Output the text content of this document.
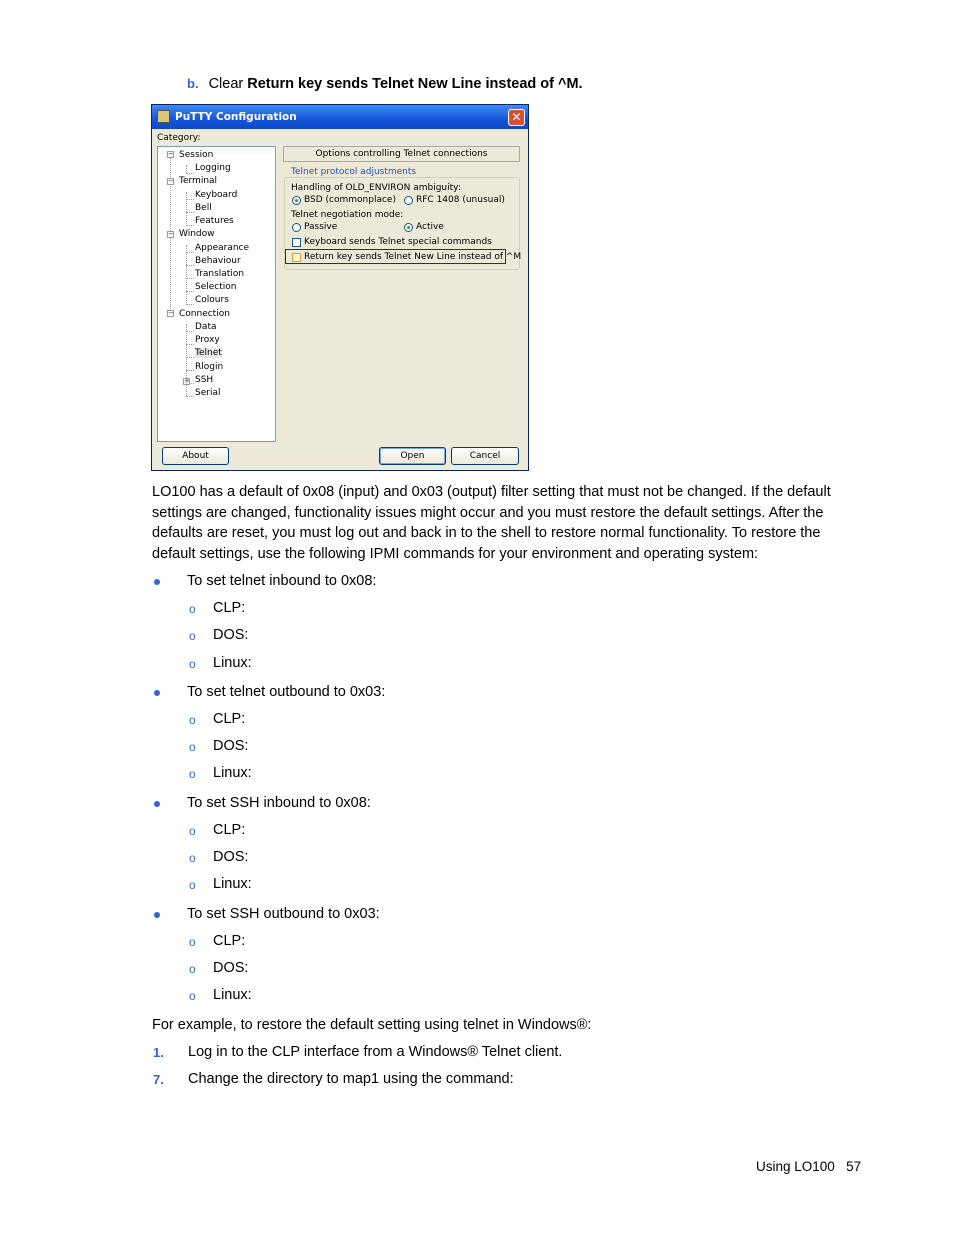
b. Clear Return key sends Telnet New Line instead of ^M.
PuTTY Configuration	✕
Category:
−
−
−
−
+
Session
Logging
Terminal
Keyboard
Bell
Features
Window
Appearance
Behaviour
Translation
Selection
Colours
Connection
Data
Proxy
Telnet
Rlogin
SSH
Serial
Options controlling Telnet connections
Telnet protocol adjustments
Handling of OLD_ENVIRON ambiguity:
BSD (commonplace) RFC 1408 (unusual)
Telnet negotiation mode:
Passive	Active
Keyboard sends Telnet special commands
Return key sends Telnet New Line instead of ^M
About	Open	Cancel
LO100 has a default of 0x08 (input) and 0x03 (output) filter setting that must not be changed. If the default settings are changed, functionality issues might occur and you must restore the default settings. After the defaults are reset, you must log out and back in to the shell to restore normal functionality. To restore the default settings, use the following IPMI commands for your environment and operating system:
To set telnet inbound to 0x08:
o CLP:
o DOS:
o Linux:
To set telnet outbound to 0x03:
o CLP:
o DOS:
o Linux:
To set SSH inbound to 0x08:
o CLP:
o DOS:
o Linux:
To set SSH outbound to 0x03:
o CLP:
o DOS:
o Linux:
For example, to restore the default setting using telnet in Windows®:
1. Log in to the CLP interface from a Windows® Telnet client.
7. Change the directory to map1 using the command:
Using LO100 57
